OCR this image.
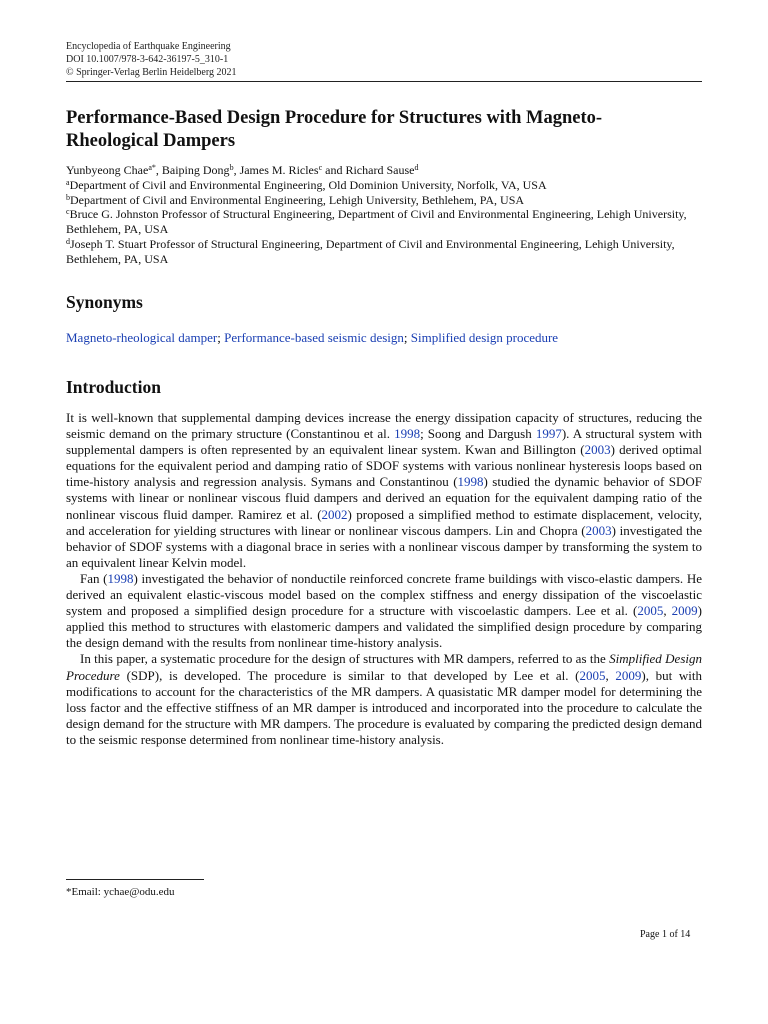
Encyclopedia of Earthquake Engineering
DOI 10.1007/978-3-642-36197-5_310-1
© Springer-Verlag Berlin Heidelberg 2021
Performance-Based Design Procedure for Structures with Magneto-Rheological Dampers

Yunbyeong Chae$^{a*}$, Baiping Dong$^b$, James M. Ricles$^c$ and Richard Sause$^d$

$^a$Department of Civil and Environmental Engineering, Old Dominion University, Norfolk, VA, USA

$^b$Department of Civil and Environmental Engineering, Lehigh University, Bethlehem, PA, USA

$^c$Bruce G. Johnston Professor of Structural Engineering, Department of Civil and Environmental Engineering, Lehigh University, Bethlehem, PA, USA

$^d$Joseph T. Stuart Professor of Structural Engineering, Department of Civil and Environmental Engineering, Lehigh University, Bethlehem, PA, USA

Synonyms
Magneto-rheological damper; Performance-based seismic design; Simplified design procedure
Introduction

It is well-known that supplemental damping devices increase the energy dissipation capacity of structures, reducing the seismic demand on the primary structure (Constantinou et al. 1998; Soong and Dargush 1997). A structural system with supplemental dampers is often represented by an equivalent linear system. Kwan and Billington (2003) derived optimal equations for the equivalent period and damping ratio of SDOF systems with various nonlinear hysteresis loops based on time-history analysis and regression analysis. Symans and Constantinou (1998) studied the dynamic behavior of SDOF systems with linear or nonlinear viscous fluid dampers and derived an equation for the equivalent damping ratio of the nonlinear viscous fluid damper. Ramirez et al. (2002) proposed a simplified method to estimate displacement, velocity, and acceleration for yielding structures with linear or nonlinear viscous dampers. Lin and Chopra (2003) investigated the behavior of SDOF systems with a diagonal brace in series with a nonlinear viscous damper by transforming the system to an equivalent linear Kelvin model.

Fan (1998) investigated the behavior of nonductile reinforced concrete frame buildings with visco-elastic dampers. He derived an equivalent elastic-viscous model based on the complex stiffness and energy dissipation of the viscoelastic system and proposed a simplified design procedure for a structure with viscoelastic dampers. Lee et al. (2005, 2009) applied this method to structures with elastomeric dampers and validated the simplified design procedure by comparing the design demand with the results from nonlinear time-history analysis.

In this paper, a systematic procedure for the design of structures with MR dampers, referred to as the Simplified Design Procedure (SDP), is developed. The procedure is similar to that developed by Lee et al. (2005, 2009), but with modifications to account for the characteristics of the MR dampers. A quasistatic MR damper model for determining the loss factor and the effective stiffness of an MR damper is introduced and incorporated into the procedure to calculate the design demand for the structure with MR dampers. The procedure is evaluated by comparing the predicted design demand to the seismic response determined from nonlinear time-history analysis.

*Email: ychae@odu.edu
Page 1 of 14
